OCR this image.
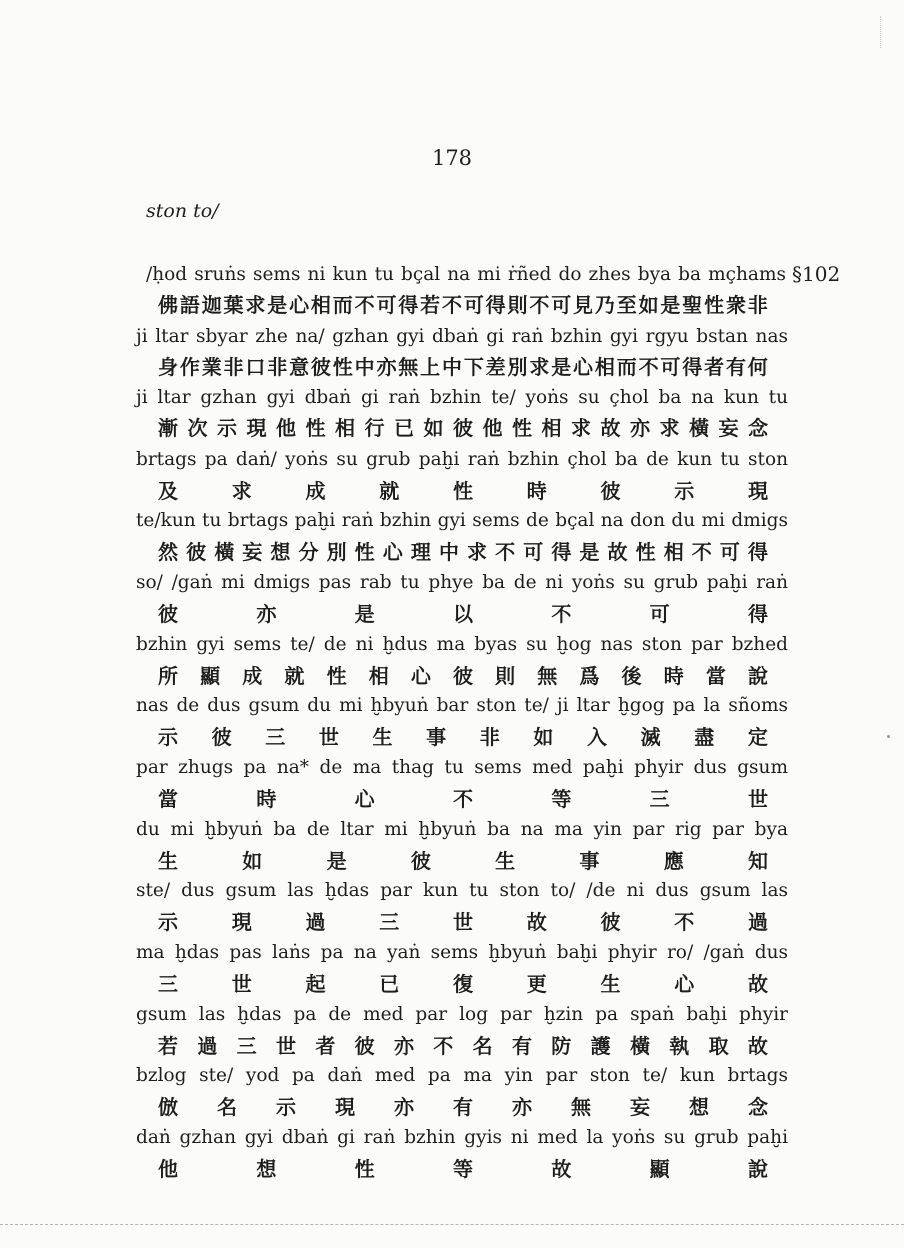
178
ston to/
§102
/ḥod sruṅs sems ni kun tu bçal na mi ṙñed do zhes bya ba mçhams
佛 語 迦 葉 求 是 心 相 而 不 可 得 若 不 可 得 則 不 可 見 乃 至 如 是 聖 性 衆 非
ji ltar sbyar zhe na/ gzhan gyi dbaṅ gi raṅ bzhin gyi rgyu bstan nas
身 作 業 非 口 非 意 彼 性 中 亦 無 上 中 下 差 別 求 是 心 相 而 不 可 得 者 有 何
ji ltar gzhan gyi dbaṅ gi raṅ bzhin te/ yoṅs su çhol ba na kun tu
漸 次 示 現 他 性 相 行 已 如 彼 他 性 相 求 故 亦 求 橫 妄 念
brtags pa daṅ/ yoṅs su grub paḫi raṅ bzhin çhol ba de kun tu ston
及	求	成	就	性	時	彼	示	現
te/kun tu brtags paḫi raṅ bzhin gyi sems de bçal na don du mi dmigs
然 彼 橫 妄 想 分 別 性 心 理 中 求 不 可 得 是 故 性 相 不 可 得
so/ /gaṅ mi dmigs pas rab tu phye ba de ni yoṅs su grub paḫi raṅ
彼	亦	是	以	不	可	得
bzhin gyi sems te/ de ni ḫdus ma byas su ḫog nas ston par bzhed
所 顯 成 就 性 相 心 彼 則 無 爲 後 時 當 說
nas de dus gsum du mi ḫbyuṅ bar ston te/ ji ltar ḫgog pa la sñoms
示 彼 三 世 生 事 非 如 入 滅 盡 定
par zhugs pa na* de ma thag tu sems med paḫi phyir dus gsum
當	時	心	不	等	三	世
du mi ḫbyuṅ ba de ltar mi ḫbyuṅ ba na ma yin par rig par bya
生	如	是	彼	生	事	應	知
ste/ dus gsum las ḫdas par kun tu ston to/ /de ni dus gsum las
示	現	過	三	世	故	彼	不	過
ma ḫdas pas laṅs pa na yaṅ sems ḫbyuṅ baḫi phyir ro/ /gaṅ dus
三	世	起	已	復	更	生	心	故
gsum las ḫdas pa de med par log par ḫzin pa spaṅ baḫi phyir
若 過 三 世 者 彼 亦 不 名 有 防 護 橫 執 取 故
bzlog ste/ yod pa daṅ med pa ma yin par ston te/ kun brtags
倣 名 示 現 亦 有 亦 無 妄 想 念
daṅ gzhan gyi dbaṅ gi raṅ bzhin gyis ni med la yoṅs su grub paḫi
他	想	性	等	故	顯	說
